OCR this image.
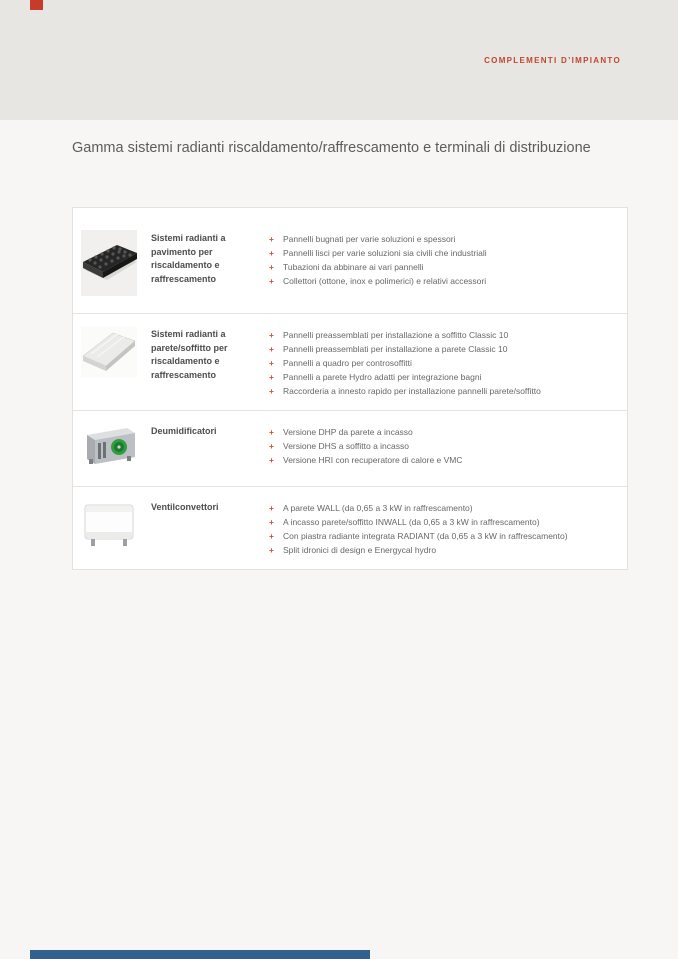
COMPLEMENTI D’IMPIANTO
Gamma sistemi radianti riscaldamento/raffrescamento e terminali di distribuzione
Sistemi radianti a pavimento per riscaldamento e raffrescamento
+	Pannelli bugnati per varie soluzioni e spessori
+	Pannelli lisci per varie soluzioni sia civili che industriali
+	Tubazioni da abbinare ai vari pannelli
+	Collettori (ottone, inox e polimerici) e relativi accessori
Sistemi radianti a parete/soffitto per riscaldamento e raffrescamento
+	Pannelli preassemblati per installazione a soffitto Classic 10
+	Pannelli preassemblati per installazione a parete Classic 10
+	Pannelli a quadro per controsoffitti
+	Pannelli a parete Hydro adatti per integrazione bagni
+	Raccorderia a innesto rapido per installazione pannelli parete/soffitto
Deumidificatori	+	Versione DHP da parete a incasso
+	Versione DHS a soffitto a incasso
+	Versione HRI con recuperatore di calore e VMC
Ventilconvettori	+	A parete WALL (da 0,65 a 3 kW in raffrescamento)
+	A incasso parete/soffitto INWALL (da 0,65 a 3 kW in raffrescamento)
+	Con piastra radiante integrata RADIANT (da 0,65 a 3 kW in raffrescamento)
+	Split idronici di design e Energycal hydro
